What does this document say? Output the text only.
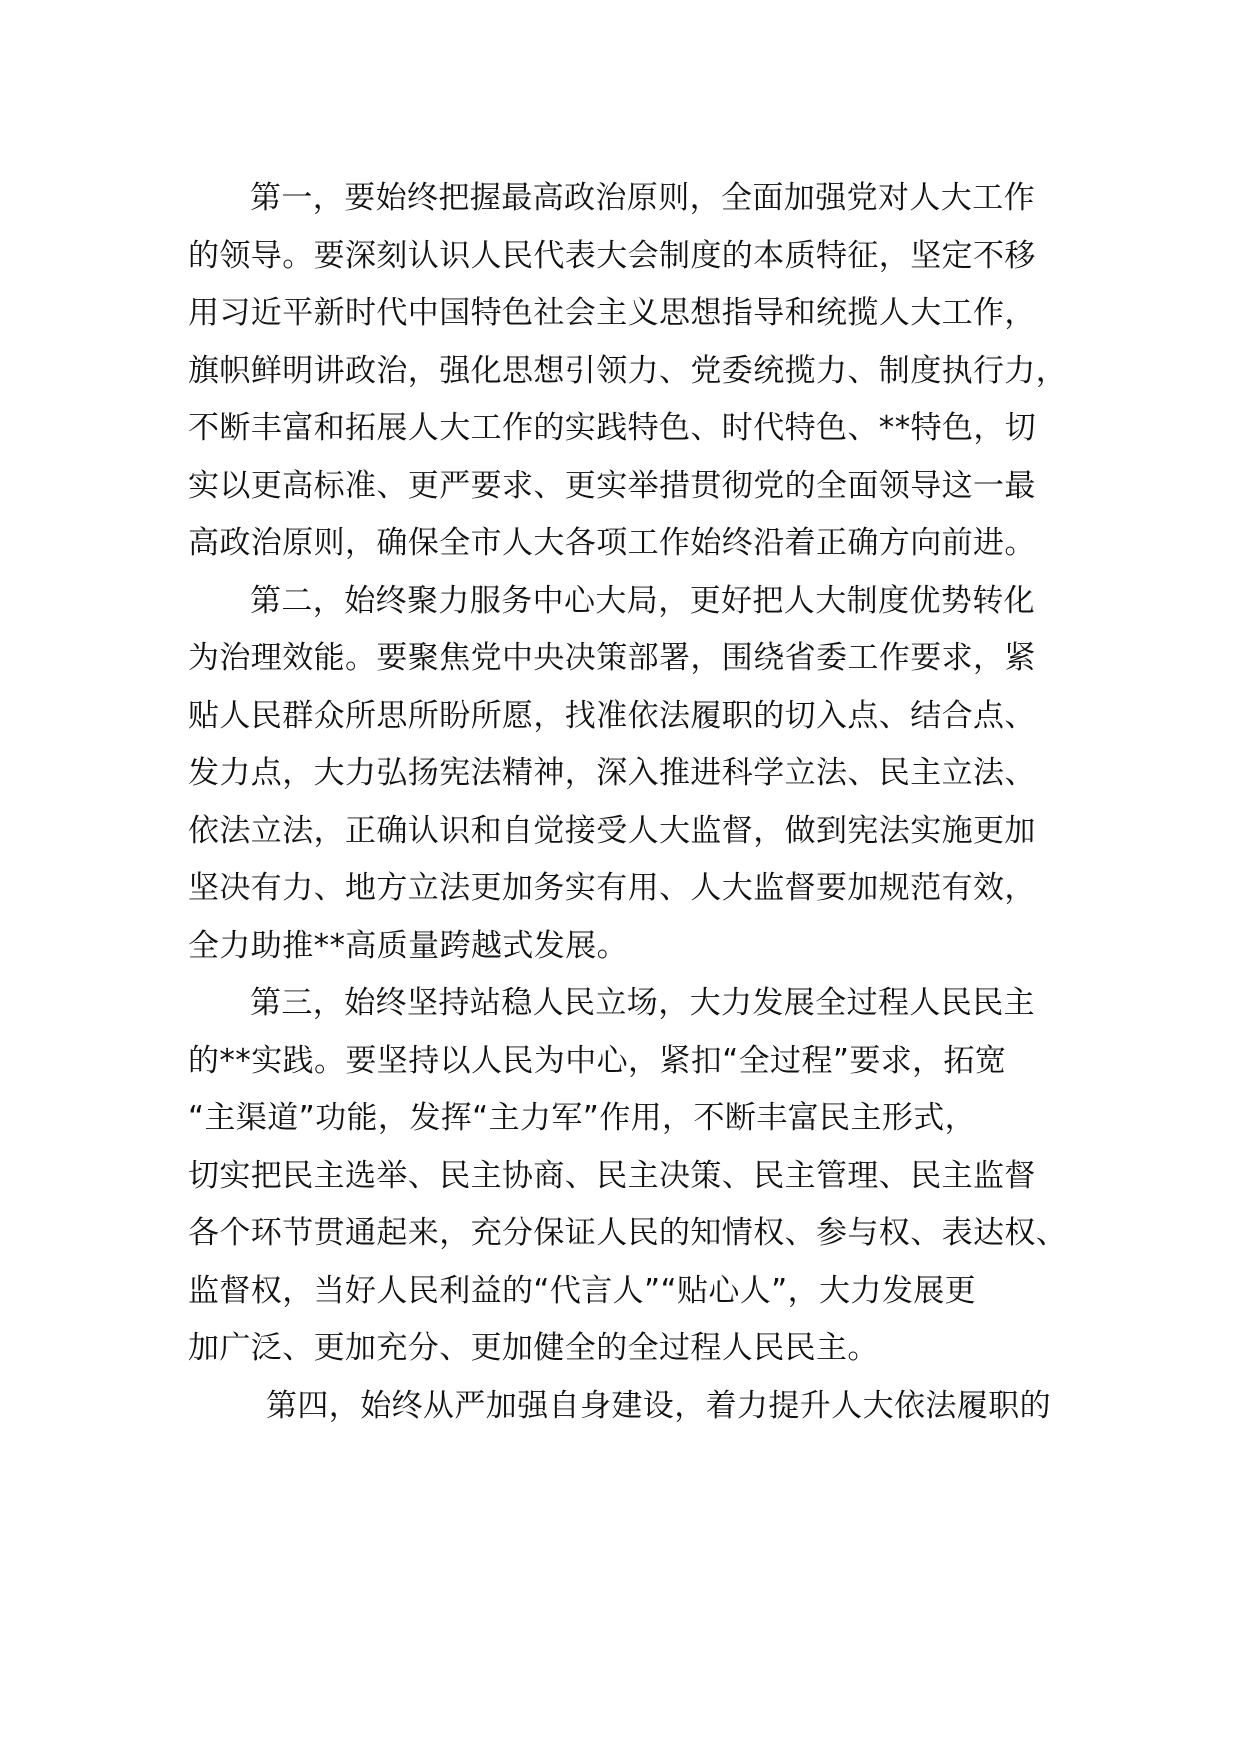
第一，要始终把握最高政治原则，全面加强党对人大工作
的领导。要深刻认识人民代表大会制度的本质特征，坚定不移
用习近平新时代中国特色社会主义思想指导和统揽人大工作，
旗帜鲜明讲政治，强化思想引领力、党委统揽力、制度执行力，
不断丰富和拓展人大工作的实践特色、时代特色、**特色，切
实以更高标准、更严要求、更实举措贯彻党的全面领导这一最
高政治原则，确保全市人大各项工作始终沿着正确方向前进。
第二，始终聚力服务中心大局，更好把人大制度优势转化
为治理效能。要聚焦党中央决策部署，围绕省委工作要求，紧
贴人民群众所思所盼所愿，找准依法履职的切入点、结合点、
发力点，大力弘扬宪法精神，深入推进科学立法、民主立法、
依法立法，正确认识和自觉接受人大监督，做到宪法实施更加
坚决有力、地方立法更加务实有用、人大监督要加规范有效，
全力助推**高质量跨越式发展。
第三，始终坚持站稳人民立场，大力发展全过程人民民主
的**实践。要坚持以人民为中心，紧扣“全过程”要求，拓宽
“主渠道”功能，发挥“主力军”作用，不断丰富民主形式，
切实把民主选举、民主协商、民主决策、民主管理、民主监督
各个环节贯通起来，充分保证人民的知情权、参与权、表达权、
监督权，当好人民利益的“代言人”“贴心人”，大力发展更
加广泛、更加充分、更加健全的全过程人民民主。
第四，始终从严加强自身建设，着力提升人大依法履职的
